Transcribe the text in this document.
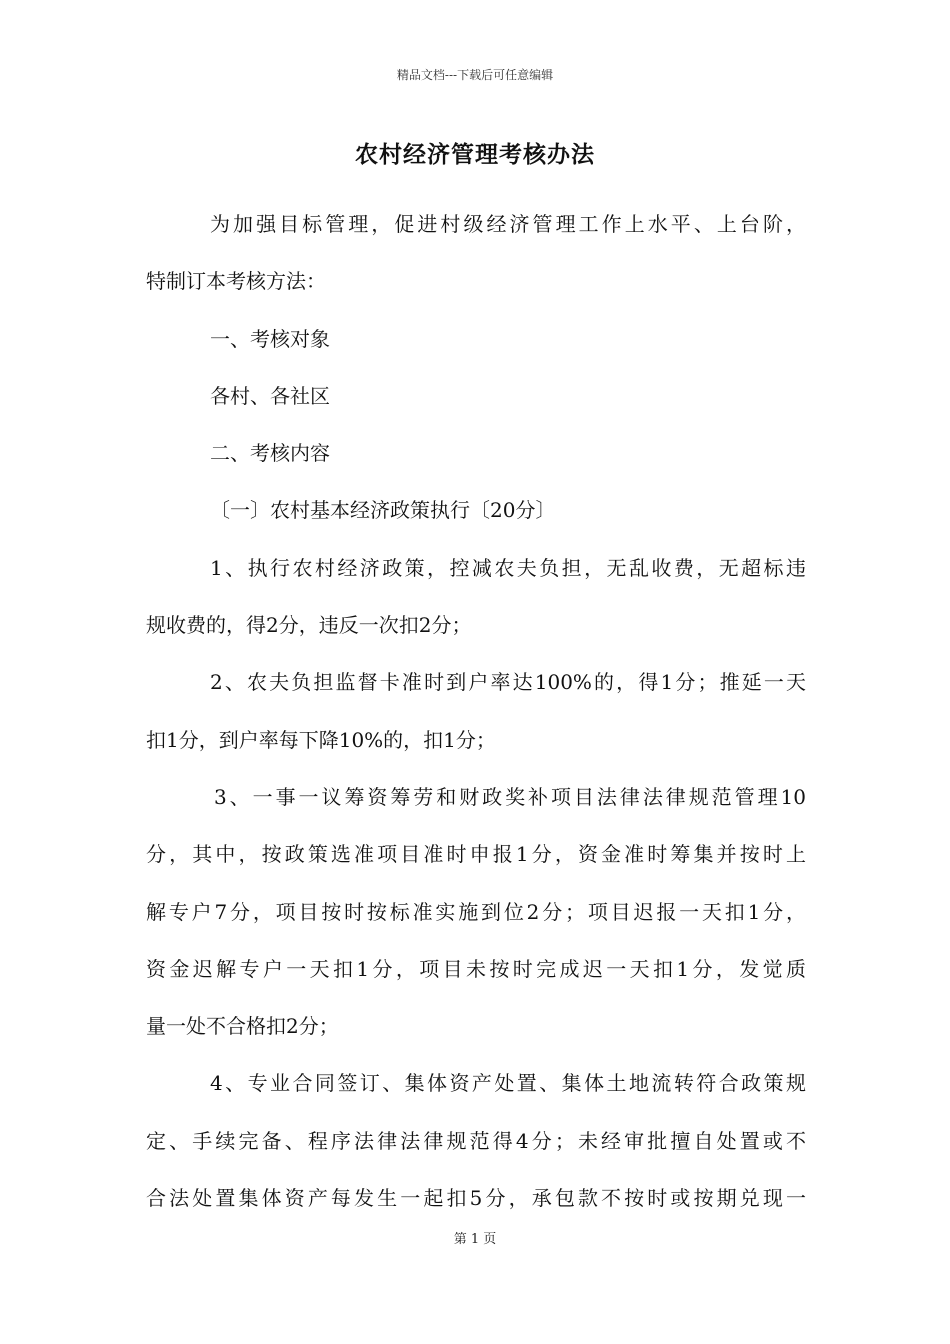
精品文档---下载后可任意编辑
农村经济管理考核办法
为加强目标管理，促进村级经济管理工作上水平、上台阶，
特制订本考核方法：
一、考核对象
各村、各社区
二、考核内容
〔一〕农村基本经济政策执行〔20分〕
1、执行农村经济政策，控减农夫负担，无乱收费，无超标违
规收费的，得2分，违反一次扣2分；
2、农夫负担监督卡准时到户率达100%的，得1分；推延一天
扣1分，到户率每下降10%的，扣1分；
3、一事一议筹资筹劳和财政奖补项目法律法律规范管理10
分，其中，按政策选准项目准时申报1分，资金准时筹集并按时上
解专户7分，项目按时按标准实施到位2分；项目迟报一天扣1分，
资金迟解专户一天扣1分，项目未按时完成迟一天扣1分，发觉质
量一处不合格扣2分；
4、专业合同签订、集体资产处置、集体土地流转符合政策规
定、手续完备、程序法律法律规范得4分；未经审批擅自处置或不
合法处置集体资产每发生一起扣5分，承包款不按时或按期兑现一
第 1 页
